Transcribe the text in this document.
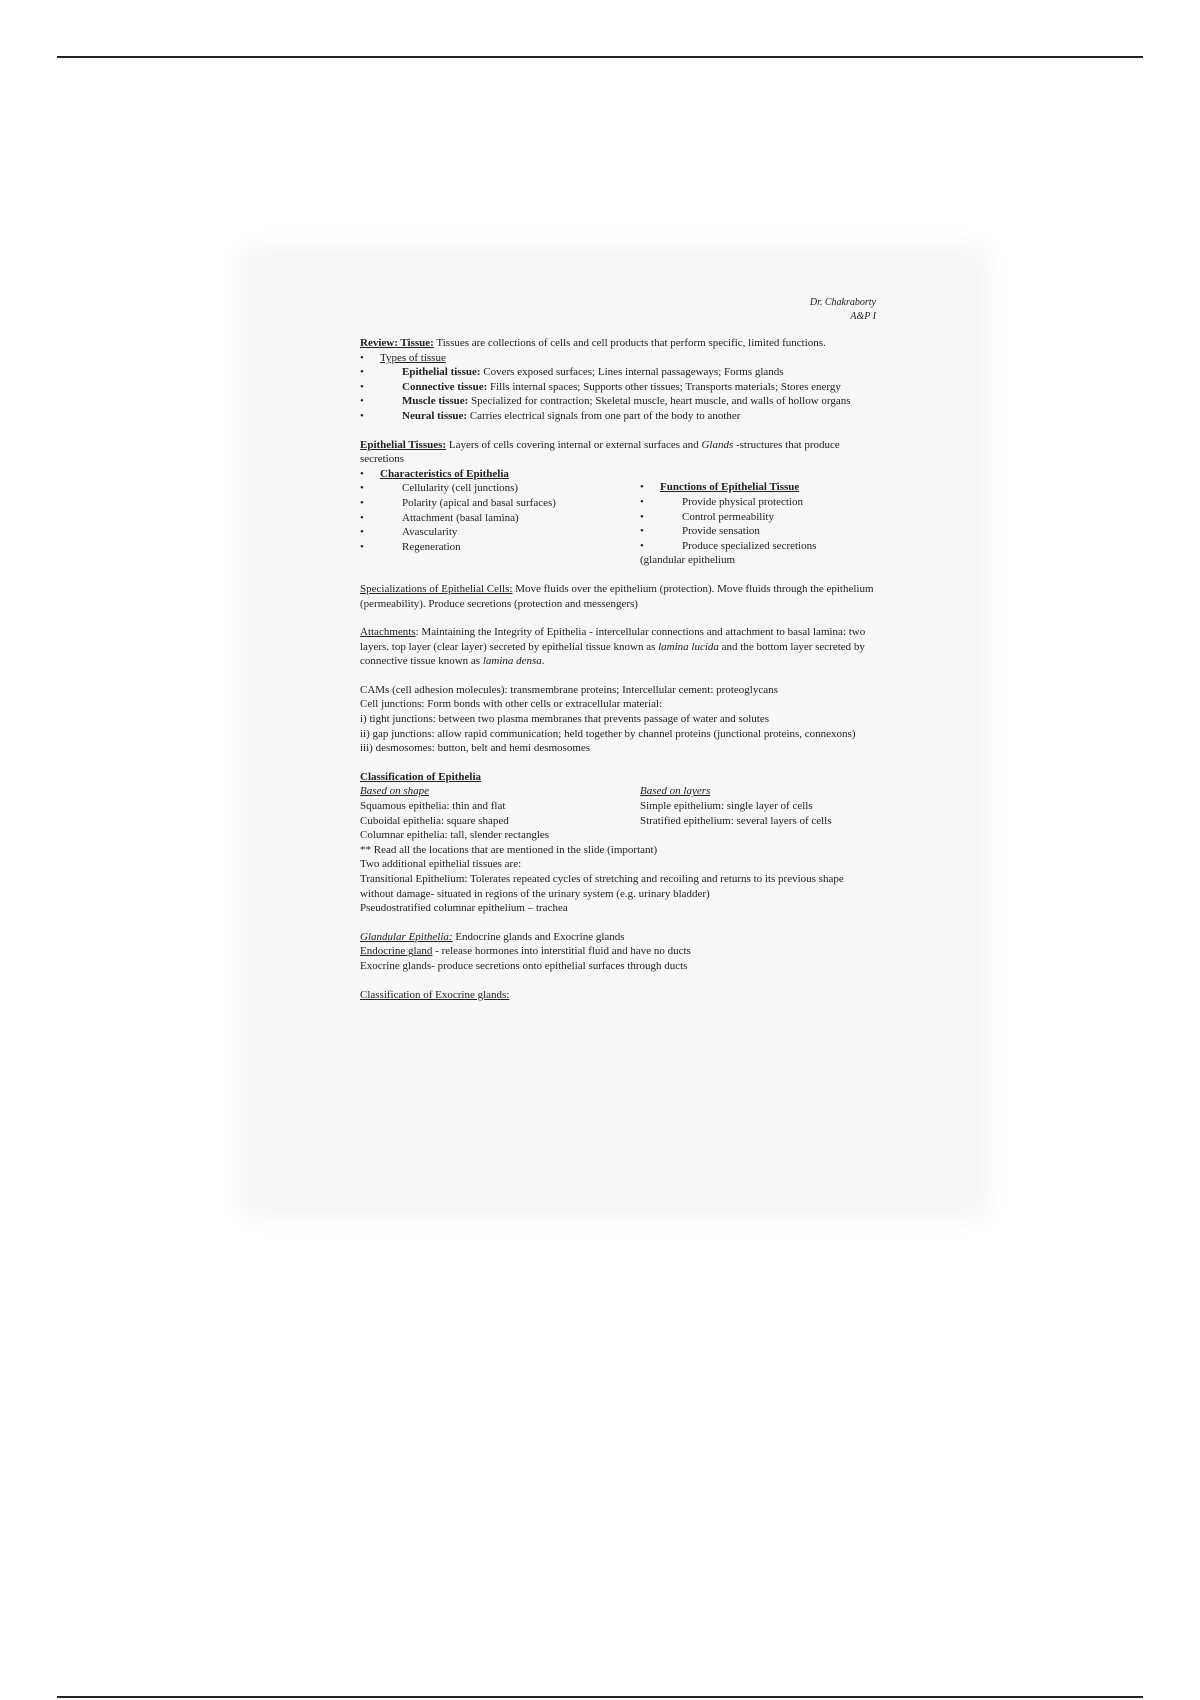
Dr. Chakraborty
A&P I

Review: Tissue: Tissues are collections of cells and cell products that perform specific, limited functions.

•	Types of tissue
•	Epithelial tissue: Covers exposed surfaces; Lines internal passageways; Forms glands

•	Connective tissue: Fills internal spaces; Supports other tissues; Transports materials; Stores energy

•	Muscle tissue: Specialized for contraction; Skeletal muscle, heart muscle, and walls of hollow organs

•	Neural tissue: Carries electrical signals from one part of the body to another

Epithelial Tissues: Layers of cells covering internal or external surfaces and Glands -structures that produce secretions

•	Characteristics of Epithelia
•	Cellularity (cell junctions)
•	Polarity (apical and basal surfaces)
•	Attachment (basal lamina)
•	Avascularity
•	Regeneration
•	Functions of Epithelial Tissue
•	Provide physical protection
•	Control permeability
•	Provide sensation
•	Produce specialized secretions
(glandular epithelium

Specializations of Epithelial Cells: Move fluids over the epithelium (protection). Move fluids through the epithelium (permeability). Produce secretions (protection and messengers)

Attachments: Maintaining the Integrity of Epithelia - intercellular connections and attachment to basal lamina: two layers. top layer (clear layer) secreted by epithelial tissue known as lamina lucida and the bottom layer secreted by connective tissue known as lamina densa.

CAMs (cell adhesion molecules): transmembrane proteins; Intercellular cement: proteoglycans

Cell junctions: Form bonds with other cells or extracellular material:

i) tight junctions: between two plasma membranes that prevents passage of water and solutes

ii) gap junctions: allow rapid communication; held together by channel proteins (junctional proteins, connexons)

iii) desmosomes: button, belt and hemi desmosomes

Classification of Epithelia

Based on shape
Squamous epithelia: thin and flat
Cuboidal epithelia: square shaped
Based on layers
Simple epithelium: single layer of cells
Stratified epithelium: several layers of cells

Columnar epithelia: tall, slender rectangles

** Read all the locations that are mentioned in the slide (important)

Two additional epithelial tissues are:

Transitional Epithelium: Tolerates repeated cycles of stretching and recoiling and returns to its previous shape without damage- situated in regions of the urinary system (e.g. urinary bladder)

Pseudostratified columnar epithelium – trachea

Glandular Epithelia: Endocrine glands and Exocrine glands

Endocrine gland - release hormones into interstitial fluid and have no ducts

Exocrine glands- produce secretions onto epithelial surfaces through ducts

Classification of Exocrine glands:
